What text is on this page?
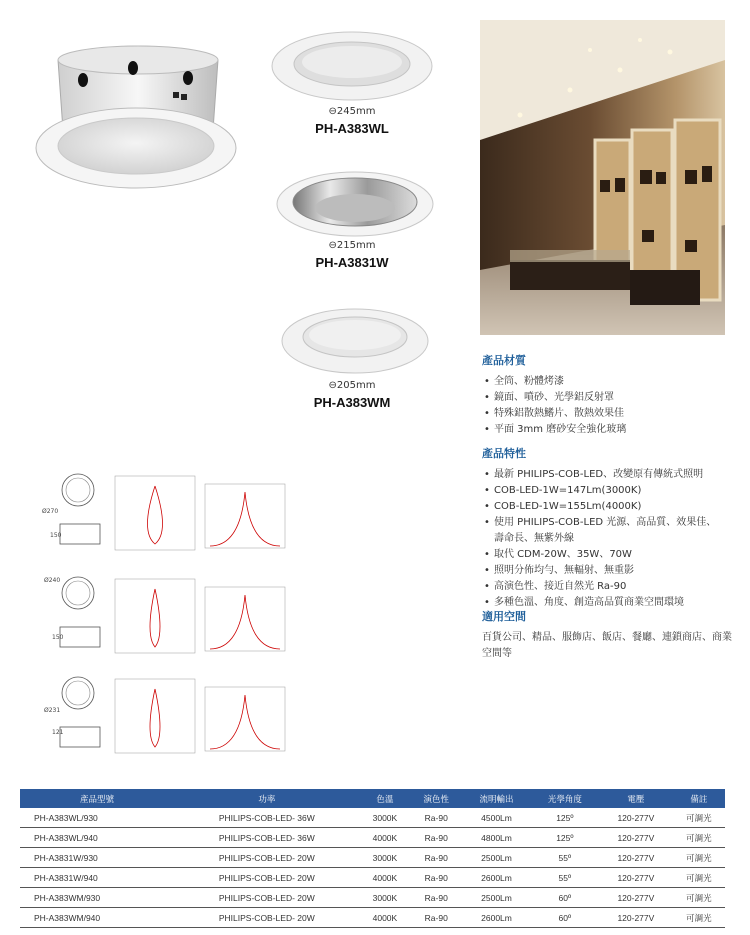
⊖245mm
PH-A383WL
⊖215mm
PH-A3831W
⊖205mm
PH-A383WM
產品材質
• 全筒、粉體烤漆
• 鏡面、噴砂、光學鋁反射罩
• 特殊鋁散熱鰭片、散熱效果佳
• 平面 3mm 磨砂安全強化玻璃
產品特性
• 最新 PHILIPS-COB-LED、改變原有傳統式照明
• COB-LED-1W=147Lm(3000K)
• COB-LED-1W=155Lm(4000K)
• 使用 PHILIPS-COB-LED 光源、高品質、效果佳、
壽命長、無紫外線
• 取代 CDM-20W、35W、70W
• 照明分佈均勻、無輻射、無重影
• 高演色性、接近自然光 Ra-90
• 多種色溫、角度、創造高品質商業空間環境
適用空間
百貨公司、精品、服飾店、飯店、餐廳、連鎖商店、商業空間等
Ø270
150
Ø240
150
Ø231
121
產品型號	功率	色溫	演色性	流明輸出	光學角度	電壓	備註
PH-A383WL/930	PHILIPS-COB-LED- 36W	3000K	Ra-90	4500Lm	125º	120-277V	可調光
PH-A383WL/940	PHILIPS-COB-LED- 36W	4000K	Ra-90	4800Lm	125º	120-277V	可調光
PH-A3831W/930	PHILIPS-COB-LED- 20W	3000K	Ra-90	2500Lm	55º	120-277V	可調光
PH-A3831W/940	PHILIPS-COB-LED- 20W	4000K	Ra-90	2600Lm	55º	120-277V	可調光
PH-A383WM/930	PHILIPS-COB-LED- 20W	3000K	Ra-90	2500Lm	60º	120-277V	可調光
PH-A383WM/940	PHILIPS-COB-LED- 20W	4000K	Ra-90	2600Lm	60º	120-277V	可調光
